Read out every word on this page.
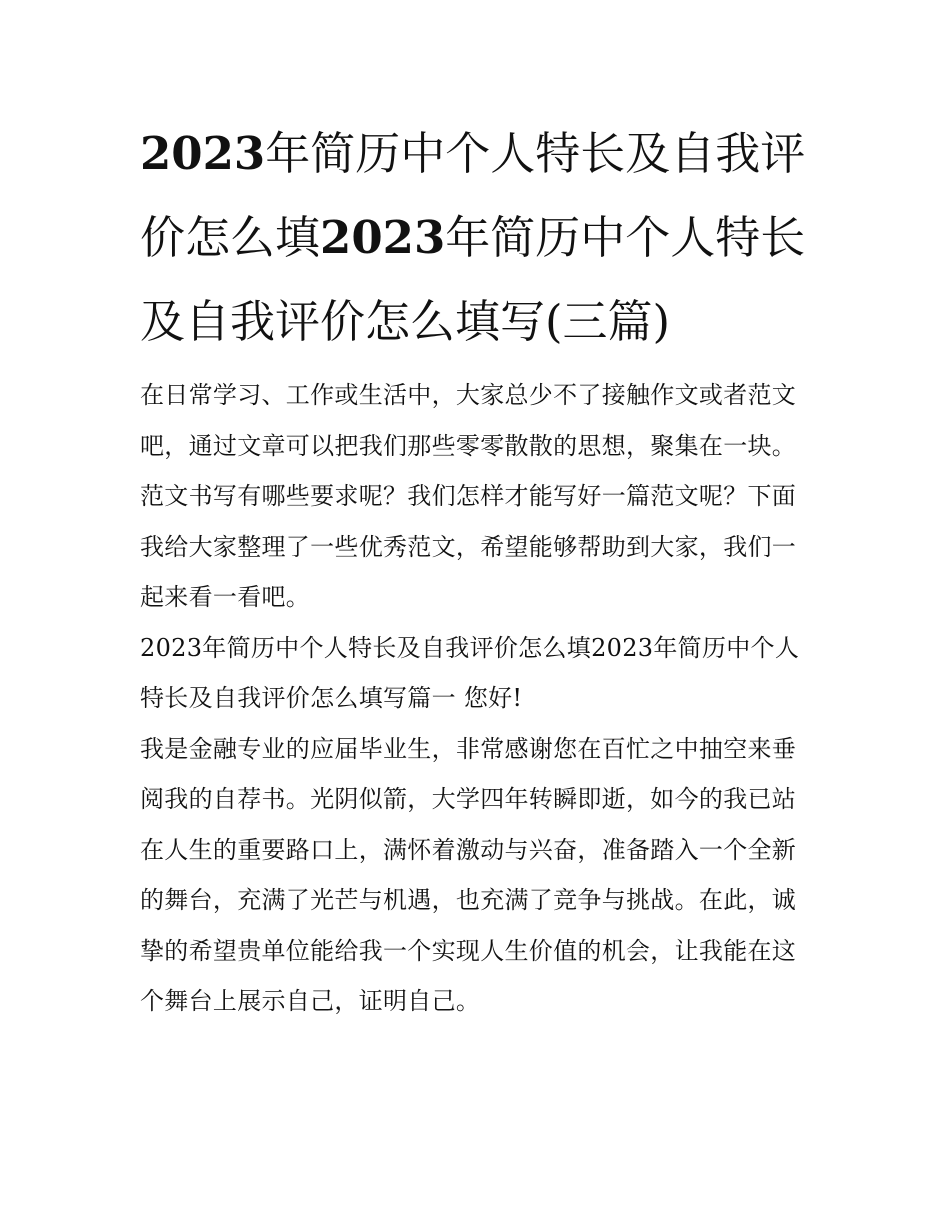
2023年简历中个人特长及自我评价怎么填2023年简历中个人特长及自我评价怎么填写(三篇)

在日常学习、工作或生活中，大家总少不了接触作文或者范文吧，通过文章可以把我们那些零零散散的思想，聚集在一块。范文书写有哪些要求呢？我们怎样才能写好一篇范文呢？下面我给大家整理了一些优秀范文，希望能够帮助到大家，我们一起来看一看吧。

2023年简历中个人特长及自我评价怎么填2023年简历中个人特长及自我评价怎么填写篇一 您好!

我是金融专业的应届毕业生，非常感谢您在百忙之中抽空来垂阅我的自荐书。光阴似箭，大学四年转瞬即逝，如今的我已站在人生的重要路口上，满怀着激动与兴奋，准备踏入一个全新的舞台，充满了光芒与机遇，也充满了竞争与挑战。在此，诚挚的希望贵单位能给我一个实现人生价值的机会，让我能在这个舞台上展示自己，证明自己。
